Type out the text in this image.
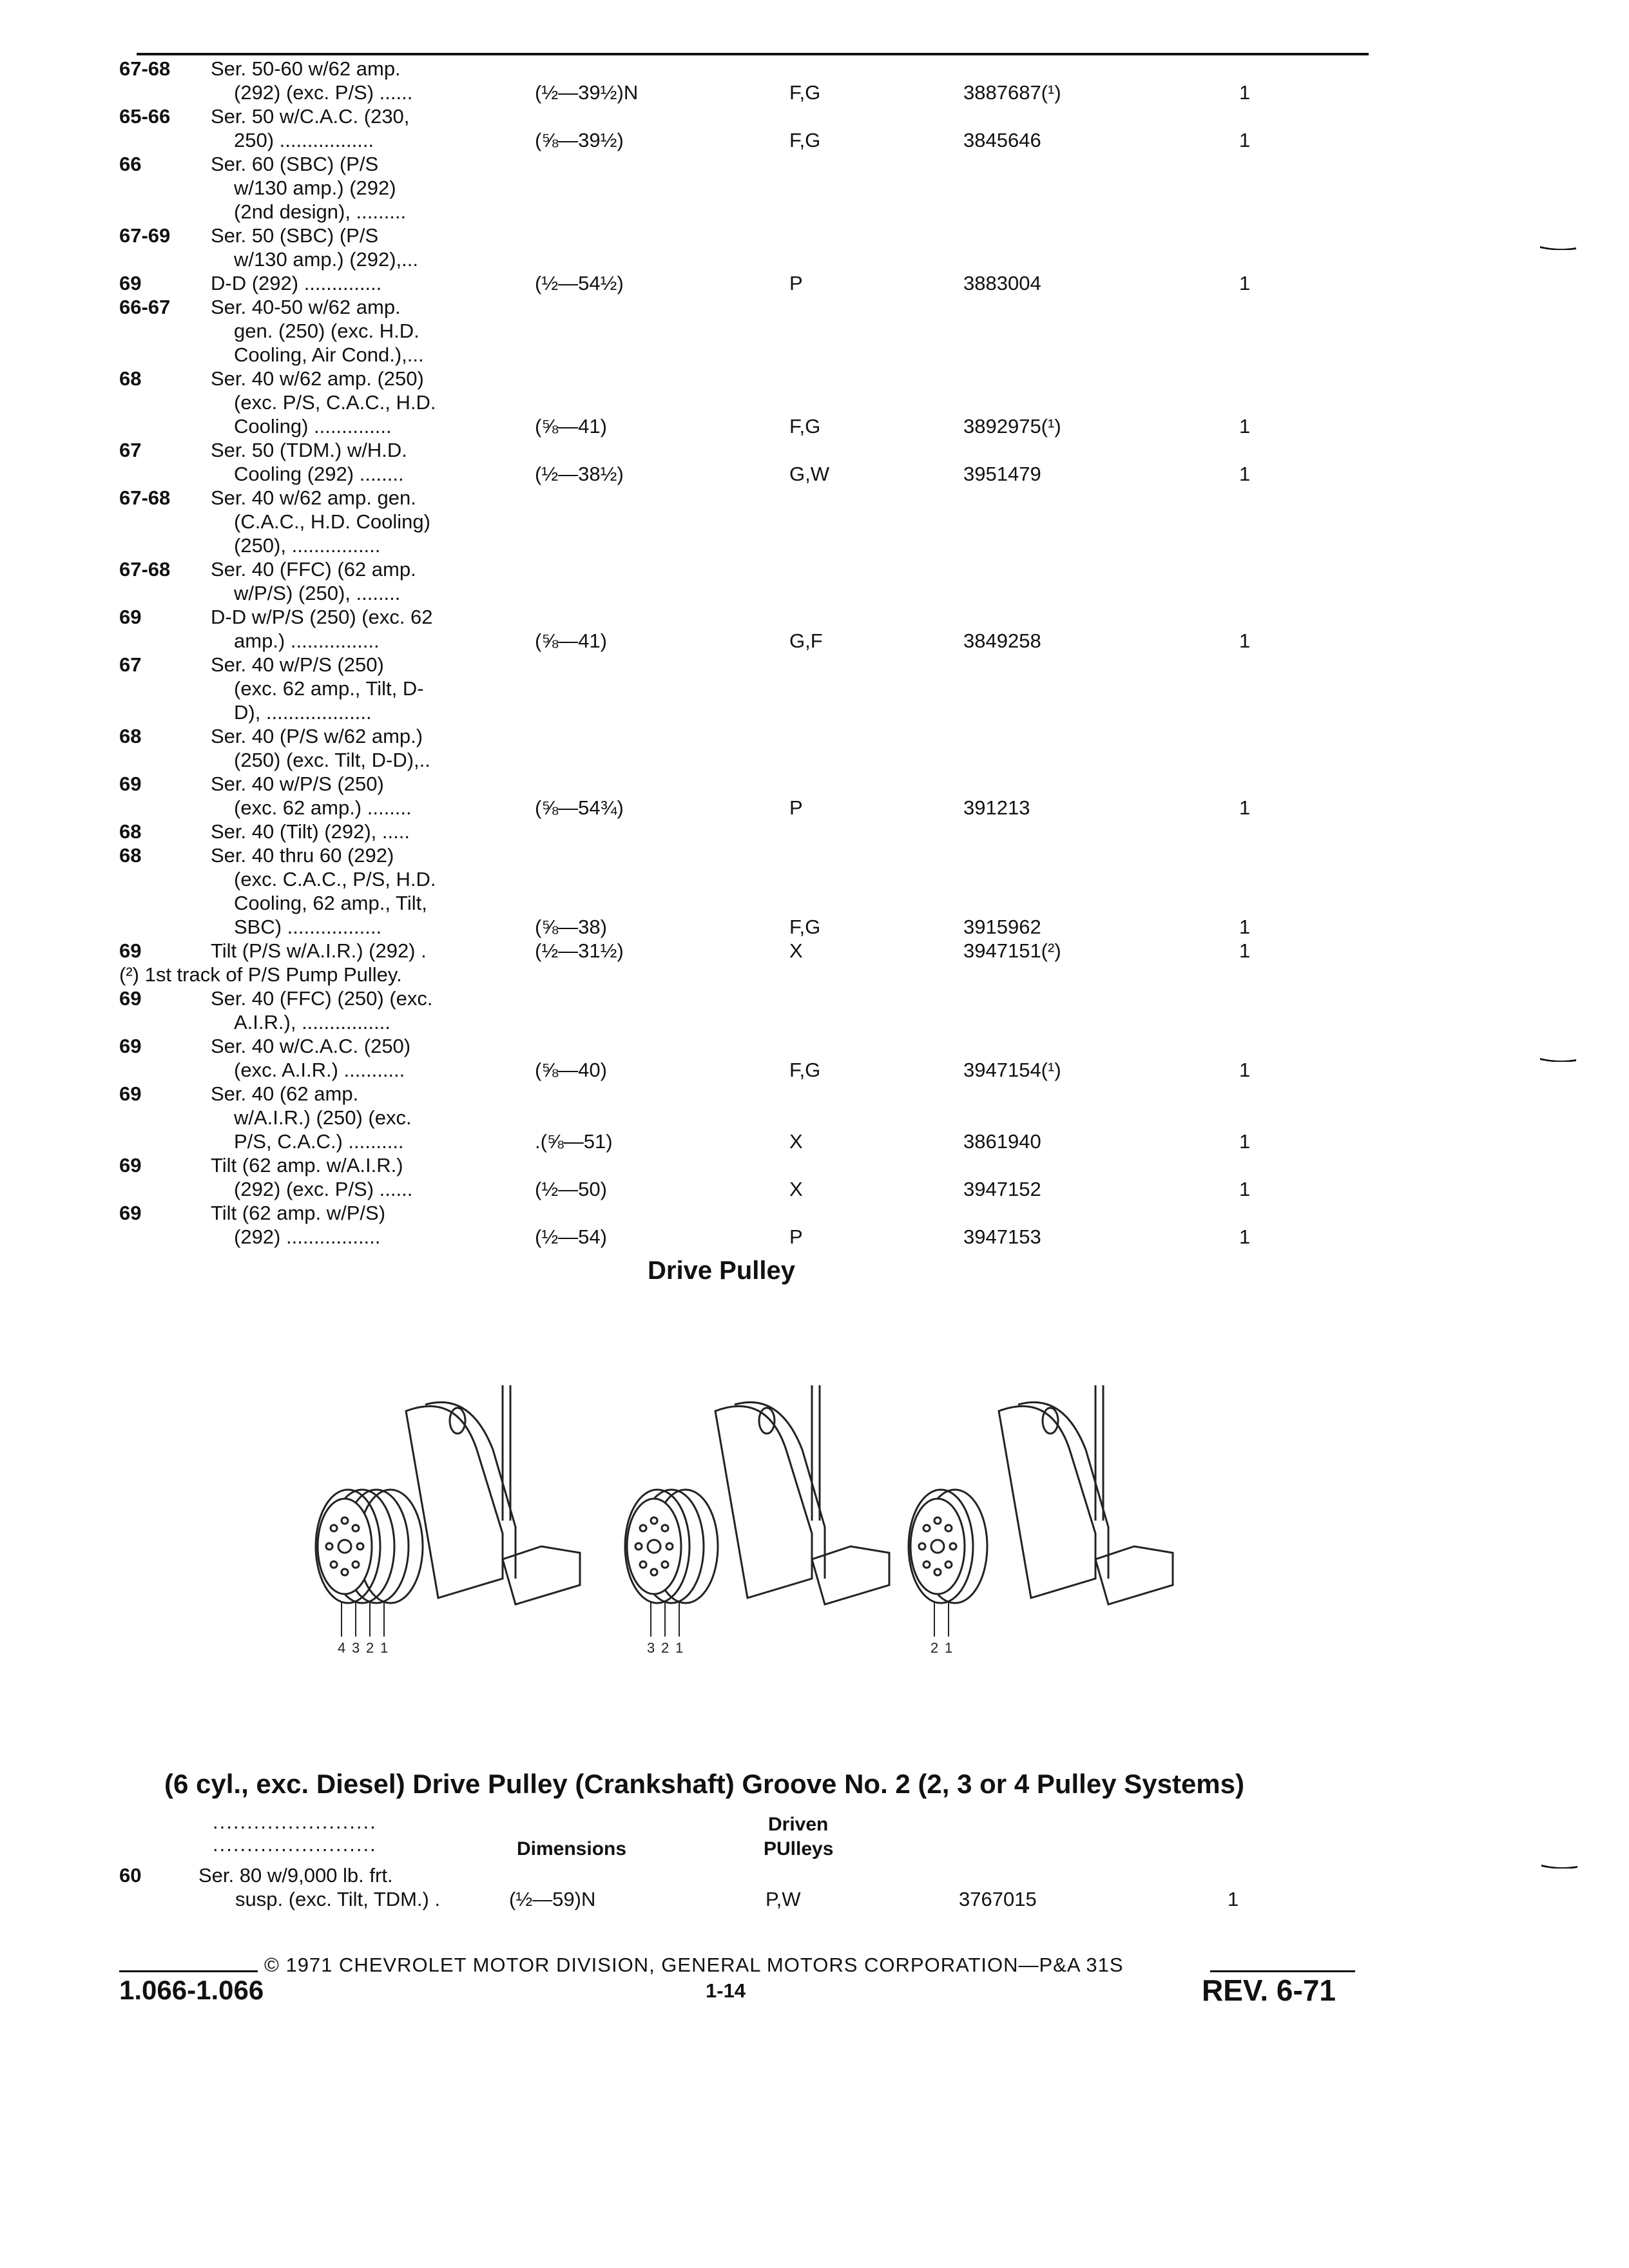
67-68 Ser. 50-60 w/62 amp.
(292) (exc. P/S) ......	(½—39½)N	F,G	3887687(¹)	1
65-66 Ser. 50 w/C.A.C. (230,
250) .................	(⅝—39½)	F,G	3845646	1
66	Ser. 60 (SBC) (P/S
w/130 amp.) (292)
(2nd design), .........
67-69 Ser. 50 (SBC) (P/S
w/130 amp.) (292),...
69	D-D (292) ..............	(½—54½)	P	3883004	1
66-67 Ser. 40-50 w/62 amp.
gen. (250) (exc. H.D.
Cooling, Air Cond.),...
68	Ser. 40 w/62 amp. (250)
(exc. P/S, C.A.C., H.D.
Cooling) ..............	(⅝—41)	F,G	3892975(¹)	1
67	Ser. 50 (TDM.) w/H.D.
Cooling (292) ........	(½—38½)	G,W	3951479	1
67-68 Ser. 40 w/62 amp. gen.
(C.A.C., H.D. Cooling)
(250), ................
67-68 Ser. 40 (FFC) (62 amp.
w/P/S) (250), ........
69	D-D w/P/S (250) (exc. 62
amp.) ................	(⅝—41)	G,F	3849258	1
67	Ser. 40 w/P/S (250)
(exc. 62 amp., Tilt, D-
D), ...................
68	Ser. 40 (P/S w/62 amp.)
(250) (exc. Tilt, D-D),..
69	Ser. 40 w/P/S (250)
(exc. 62 amp.) ........	(⅝—54¾)	P	391213	1
68	Ser. 40 (Tilt) (292), .....
68	Ser. 40 thru 60 (292)
(exc. C.A.C., P/S, H.D.
Cooling, 62 amp., Tilt,
SBC) .................	(⅝—38)	F,G	3915962	1
69	Tilt (P/S w/A.I.R.) (292) .	(½—31½)	X	3947151(²)	1
(²) 1st track of P/S Pump Pulley.
69	Ser. 40 (FFC) (250) (exc.
A.I.R.), ................
69	Ser. 40 w/C.A.C. (250)
(exc. A.I.R.) ...........	(⅝—40)	F,G	3947154(¹)	1
69	Ser. 40 (62 amp.
w/A.I.R.) (250) (exc.
P/S, C.A.C.) ..........	.(⅝—51)	X	3861940	1
69	Tilt (62 amp. w/A.I.R.)
(292) (exc. P/S) ......	(½—50)	X	3947152	1
69	Tilt (62 amp. w/P/S)
(292) .................	(½—54)	P	3947153	1
Drive Pulley
4 3 2 1	3 2 1	2 1
(6 cyl., exc. Diesel) Drive Pulley (Crankshaft) Groove No. 2 (2, 3 or 4 Pulley Systems)
........................
........................
Driven
Dimensions	PUlleys
60	Ser. 80 w/9,000 lb. frt.
susp. (exc. Tilt, TDM.) .	(½—59)N	P,W	3767015	1
© 1971 CHEVROLET MOTOR DIVISION, GENERAL MOTORS CORPORATION—P&A 31S
1.066-1.066	1-14	REV. 6-71
